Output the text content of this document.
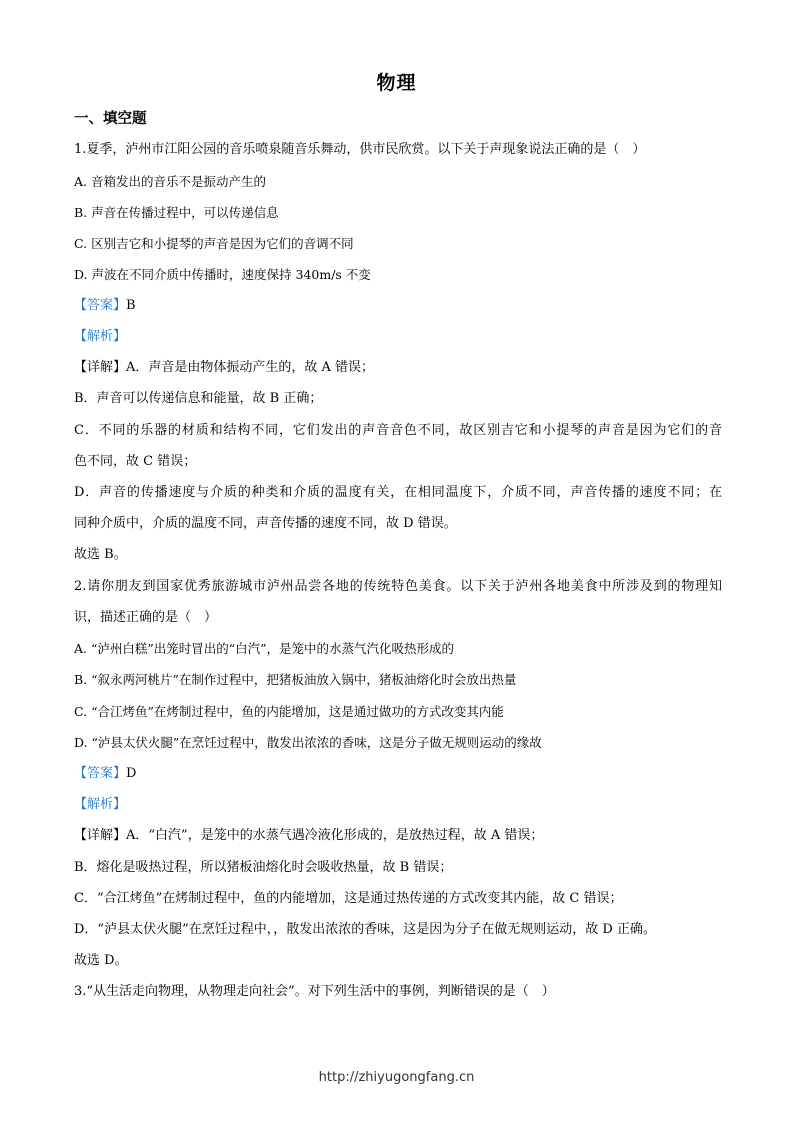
物理
一、填空题
1.夏季，泸州市江阳公园的音乐喷泉随音乐舞动，供市民欣赏。以下关于声现象说法正确的是（　）
A. 音箱发出的音乐不是振动产生的
B. 声音在传播过程中，可以传递信息
C. 区别吉它和小提琴的声音是因为它们的音调不同
D. 声波在不同介质中传播时，速度保持 340m/s 不变
【答案】B
【解析】
【详解】A．声音是由物体振动产生的，故 A 错误；
B．声音可以传递信息和能量，故 B 正确；
C．不同的乐器的材质和结构不同，它们发出的声音音色不同，故区别吉它和小提琴的声音是因为它们的音
色不同，故 C 错误；
D．声音的传播速度与介质的种类和介质的温度有关，在相同温度下，介质不同，声音传播的速度不同；在
同种介质中，介质的温度不同，声音传播的速度不同，故 D 错误。
故选 B。
2.请你朋友到国家优秀旅游城市泸州品尝各地的传统特色美食。以下关于泸州各地美食中所涉及到的物理知
识，描述正确的是（　）
A. “泸州白糕”出笼时冒出的“白汽”，是笼中的水蒸气汽化吸热形成的
B. “叙永两河桃片”在制作过程中，把猪板油放入锅中，猪板油熔化时会放出热量
C. “合江烤鱼”在烤制过程中，鱼的内能增加，这是通过做功的方式改变其内能
D. “泸县太伏火腿”在烹饪过程中，散发出浓浓的香味，这是分子做无规则运动的缘故
【答案】D
【解析】
【详解】A．“白汽”，是笼中的水蒸气遇冷液化形成的，是放热过程，故 A 错误；
B．熔化是吸热过程，所以猪板油熔化时会吸收热量，故 B 错误；
C．“合江烤鱼”在烤制过程中，鱼的内能增加，这是通过热传递的方式改变其内能，故 C 错误；
D．“泸县太伏火腿”在烹饪过程中，，散发出浓浓的香味，这是因为分子在做无规则运动，故 D 正确。
故选 D。
3.“从生活走向物理，从物理走向社会”。对下列生活中的事例，判断错误的是（　）
http://zhiyugongfang.cn
